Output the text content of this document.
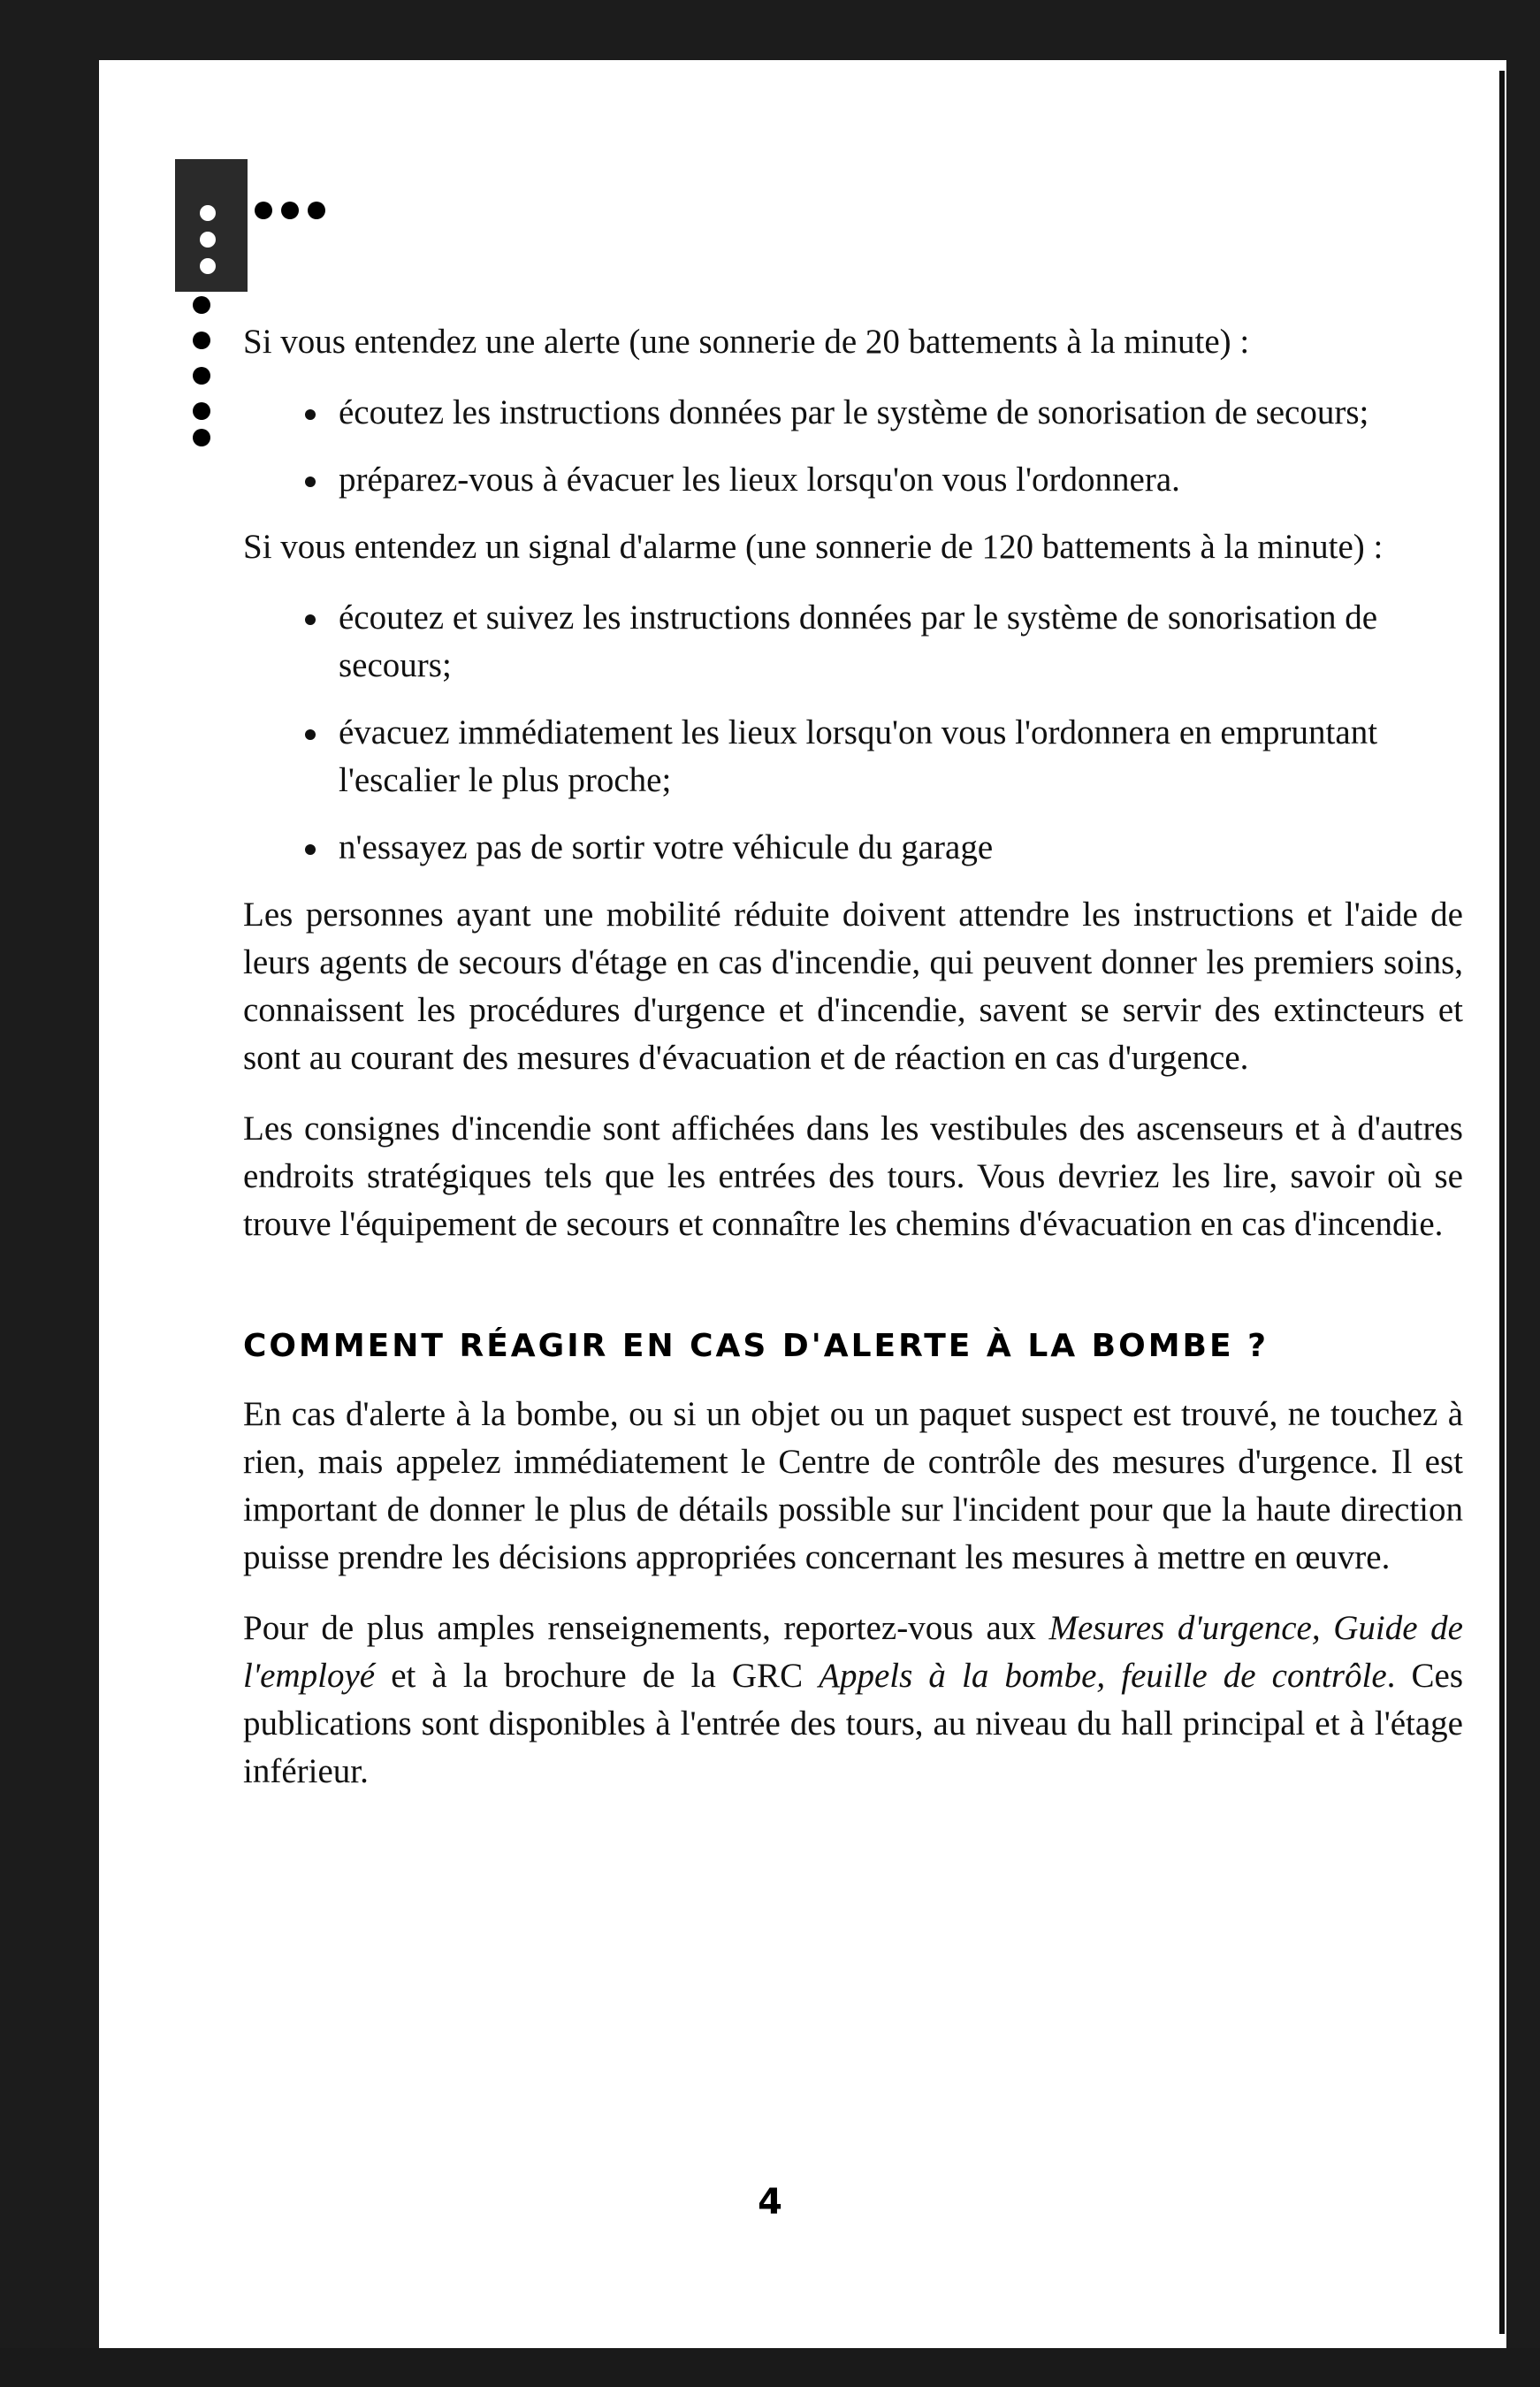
Si vous entendez une alerte (une sonnerie de 20 battements à la minute) :

écoutez les instructions données par le système de sonorisation de secours;
préparez-vous à évacuer les lieux lorsqu'on vous l'ordonnera.

Si vous entendez un signal d'alarme (une sonnerie de 120 battements à la minute) :

écoutez et suivez les instructions données par le système de sonorisation de secours;
évacuez immédiatement les lieux lorsqu'on vous l'ordonnera en empruntant l'escalier le plus proche;
n'essayez pas de sortir votre véhicule du garage

Les personnes ayant une mobilité réduite doivent attendre les instructions et l'aide de leurs agents de secours d'étage en cas d'incendie, qui peuvent donner les premiers soins, connaissent les procédures d'urgence et d'incendie, savent se servir des extincteurs et sont au courant des mesures d'évacuation et de réaction en cas d'urgence.

Les consignes d'incendie sont affichées dans les vestibules des ascenseurs et à d'autres endroits stratégiques tels que les entrées des tours. Vous devriez les lire, savoir où se trouve l'équipement de secours et connaître les chemins d'évacuation en cas d'incendie.

COMMENT RÉAGIR EN CAS D'ALERTE À LA BOMBE ?

En cas d'alerte à la bombe, ou si un objet ou un paquet suspect est trouvé, ne touchez à rien, mais appelez immédiatement le Centre de contrôle des mesures d'urgence. Il est important de donner le plus de détails possible sur l'incident pour que la haute direction puisse prendre les décisions appropriées concernant les mesures à mettre en œuvre.

Pour de plus amples renseignements, reportez-vous aux Mesures d'urgence, Guide de l'employé et à la brochure de la GRC Appels à la bombe, feuille de contrôle. Ces publications sont disponibles à l'entrée des tours, au niveau du hall principal et à l'étage inférieur.

4
